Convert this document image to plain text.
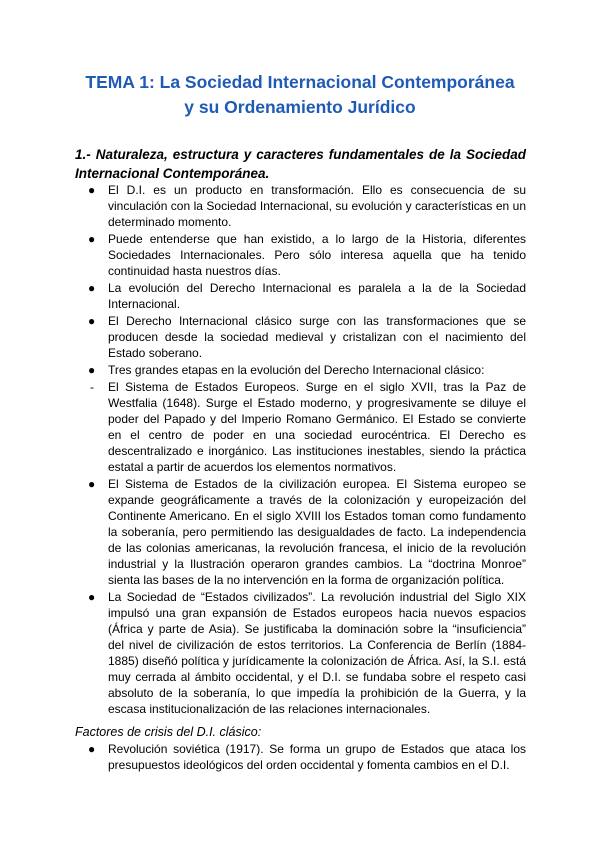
TEMA 1: La Sociedad Internacional Contemporánea
y su Ordenamiento Jurídico
1.- Naturaleza, estructura y caracteres fundamentales de la Sociedad Internacional Contemporánea.
● El D.I. es un producto en transformación. Ello es consecuencia de su vinculación con la Sociedad Internacional, su evolución y características en un determinado momento.
● Puede entenderse que han existido, a lo largo de la Historia, diferentes Sociedades Internacionales. Pero sólo interesa aquella que ha tenido continuidad hasta nuestros días.
● La evolución del Derecho Internacional es paralela a la de la Sociedad Internacional.
● El Derecho Internacional clásico surge con las transformaciones que se producen desde la sociedad medieval y cristalizan con el nacimiento del Estado soberano.
● Tres grandes etapas en la evolución del Derecho Internacional clásico:
-	El Sistema de Estados Europeos. Surge en el siglo XVII, tras la Paz de Westfalia (1648). Surge el Estado moderno, y progresivamente se diluye el poder del Papado y del Imperio Romano Germánico. El Estado se convierte en el centro de poder en una sociedad eurocéntrica. El Derecho es descentralizado e inorgánico. Las instituciones inestables, siendo la práctica estatal a partir de acuerdos los elementos normativos.
● El Sistema de Estados de la civilización europea. El Sistema europeo se expande geográficamente a través de la colonización y europeización del Continente Americano. En el siglo XVIII los Estados toman como fundamento la soberanía, pero permitiendo las desigualdades de facto. La independencia de las colonias americanas, la revolución francesa, el inicio de la revolución industrial y la Ilustración operaron grandes cambios. La “doctrina Monroe” sienta las bases de la no intervención en la forma de organización política.
● La Sociedad de “Estados civilizados”. La revolución industrial del Siglo XIX impulsó una gran expansión de Estados europeos hacia nuevos espacios (África y parte de Asia). Se justificaba la dominación sobre la “insuficiencia” del nivel de civilización de estos territorios. La Conferencia de Berlín (1884-1885) diseñó política y jurídicamente la colonización de África. Así, la S.I. está muy cerrada al ámbito occidental, y el D.I. se fundaba sobre el respeto casi absoluto de la soberanía, lo que impedía la prohibición de la Guerra, y la escasa institucionalización de las relaciones internacionales.
Factores de crisis del D.I. clásico:
● Revolución soviética (1917). Se forma un grupo de Estados que ataca los presupuestos ideológicos del orden occidental y fomenta cambios en el D.I.
